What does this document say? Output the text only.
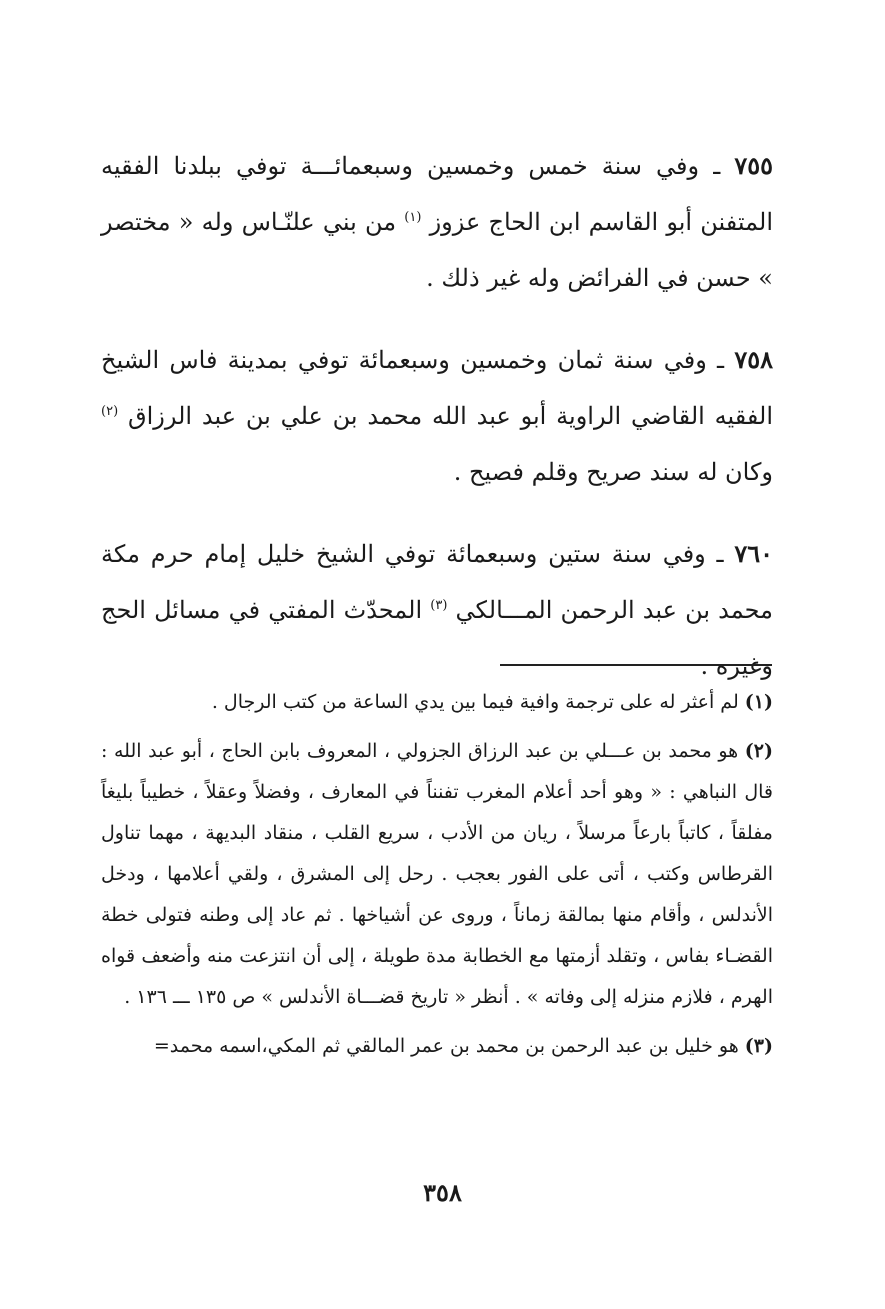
٧٥٥ ـ وفي سنة خمس وخمسين وسبعمائـــة توفي ببلدنا الفقيه المتفنن أبو القاسم ابن الحاج عزوز $^{(١)}$ من بني علنّـاس وله « مختصر » حسن في الفرائض وله غير ذلك .

٧٥٨ ـ وفي سنة ثمان وخمسين وسبعمائة توفي بمدينة فاس الشيخ الفقيه القاضي الراوية أبو عبد الله محمد بن علي بن عبد الرزاق $^{(٢)}$ وكان له سند صريح وقلم فصيح .

٧٦٠ ـ وفي سنة ستين وسبعمائة توفي الشيخ خليل إمام حرم مكة محمد بن عبد الرحمن المـــالكي $^{(٣)}$ المحدّث المفتي في مسائل الحج وغيره .

(١) لم أعثر له على ترجمة وافية فيما بين يدي الساعة من كتب الرجال .

(٢) هو محمد بن عـــلي بن عبد الرزاق الجزولي ، المعروف بابن الحاج ، أبو عبد الله : قال النباهي : « وهو أحد أعلام المغرب تفنناً في المعارف ، وفضلاً وعقلاً ، خطيباً بليغاً مفلقاً ، كاتباً بارعاً مرسلاً ، ريان من الأدب ، سريع القلب ، منقاد البديهة ، مهما تناول القرطاس وكتب ، أتى على الفور بعجب . رحل إلى المشرق ، ولقي أعلامها ، ودخل الأندلس ، وأقام منها بمالقة زماناً ، وروى عن أشياخها . ثم عاد إلى وطنه فتولى خطة القضـاء بفاس ، وتقلد أزمتها مع الخطابة مدة طويلة ، إلى أن انتزعت منه وأضعف قواه الهرم ، فلازم منزله إلى وفاته » . أنظر « تاريخ قضـــاة الأندلس » ص ١٣٥ ـــ ١٣٦ .

(٣) هو خليل بن عبد الرحمن بن محمد بن عمر المالقي ثم المكي،اسمه محمد=

٣٥٨
